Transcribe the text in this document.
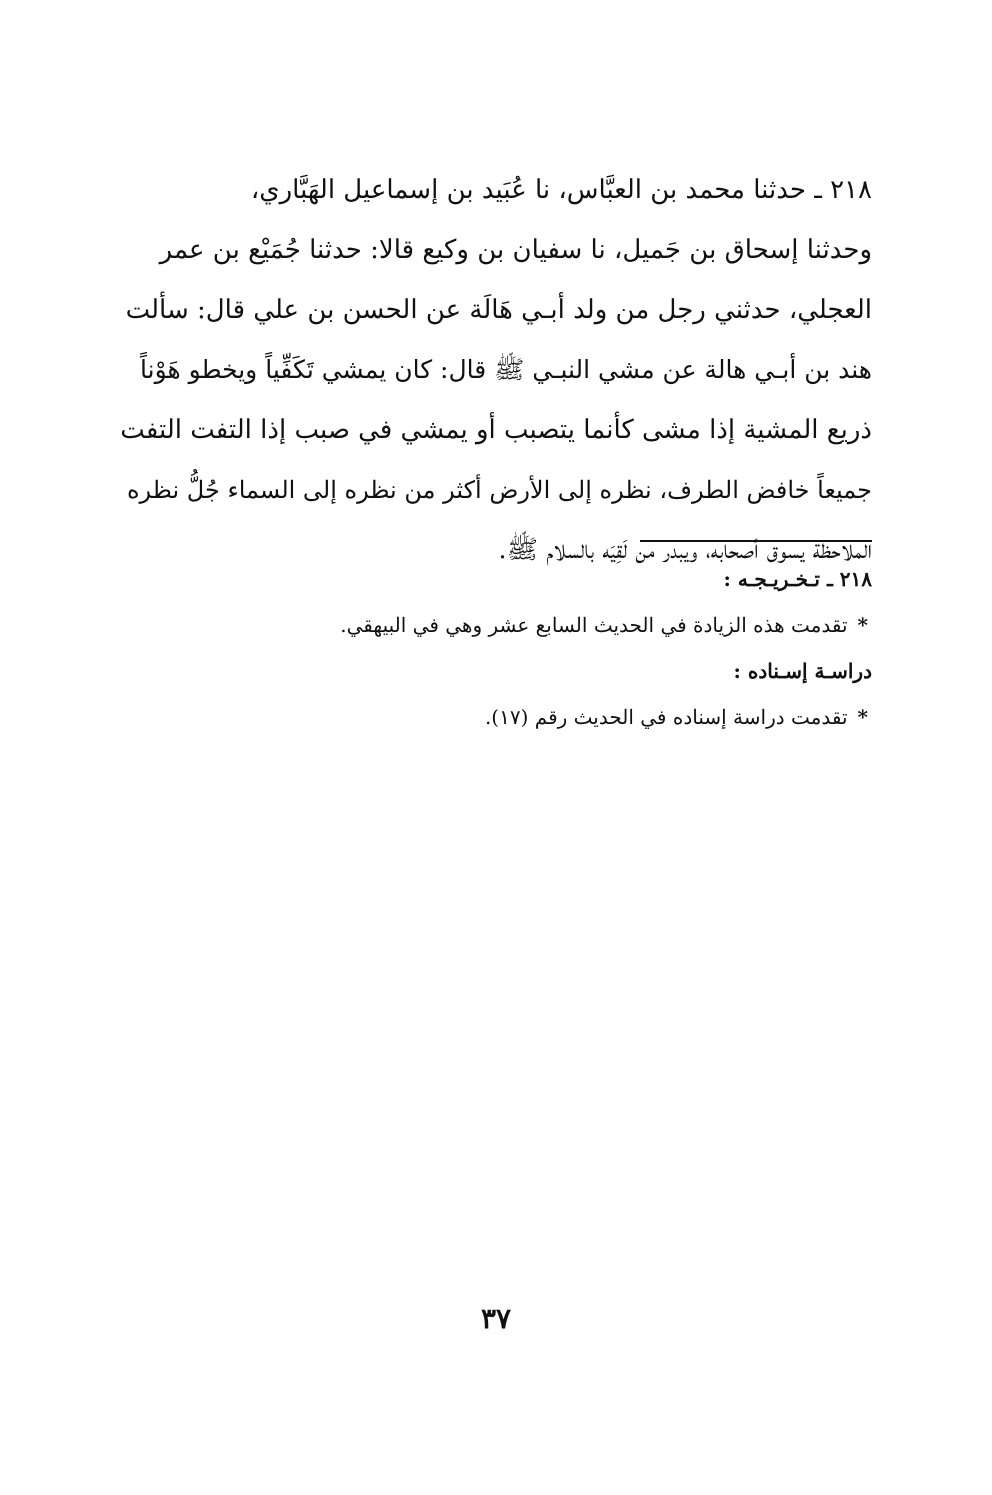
٢١٨ ـ حدثنا محمد بن العبَّاس، نا عُبَيد بن إسماعيل الهَبَّاري،
وحدثنا إسحاق بن جَميل، نا سفيان بن وكيع قالا: حدثنا جُمَيْع بن عمر
العجلي، حدثني رجل من ولد أبـي هَالَة عن الحسن بن علي قال: سألت
هند بن أبـي هالة عن مشي النبـي ﷺ قال: كان يمشي تَكَفِّياً ويخطو هَوْناً
ذريع المشية إذا مشى كأنما يتصبب أو يمشي في صبب إذا التفت التفت
جميعاً خافض الطرف، نظره إلى الأرض أكثر من نظره إلى السماء جُلُّ نظره
الملاحظة يسوق أصحابه، ويبدر من لَقِيَه بالسلام ﷺ.
٢١٨ ـ تـخـريـجـه :
*تقدمت هذه الزيادة في الحديث السابع عشر وهي في البيهقي.
دراسـة إسـناده :
*تقدمت دراسة إسناده في الحديث رقم (١٧).
٣٧
